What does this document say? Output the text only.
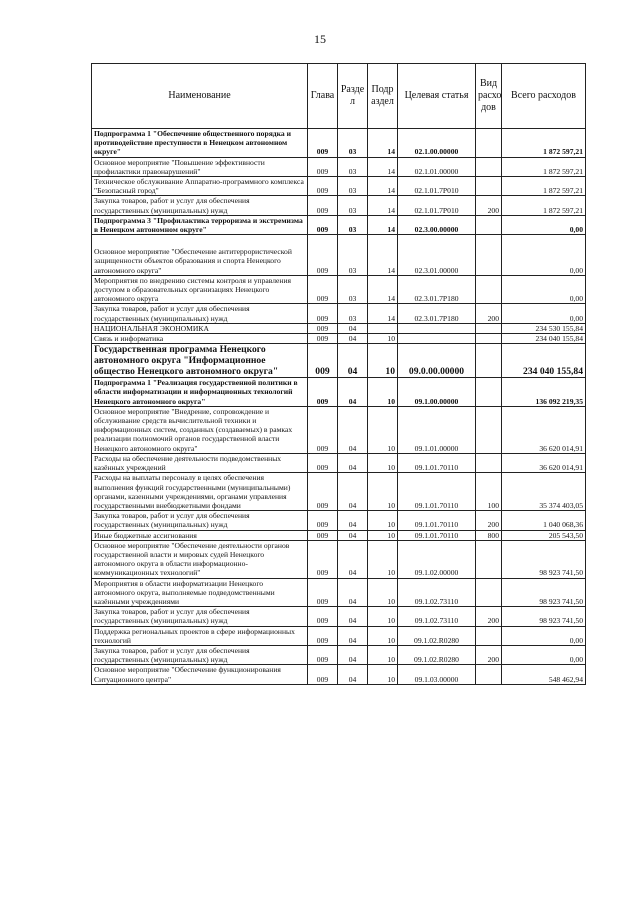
15
Наименование	Глава	Разде л	Подр аздел	Целевая статья	Вид расхо дов	Всего расходов
Подпрограмма 1 "Обеспечение общественного порядка и противодействие преступности в Ненецком автономном округе"	009	03	14	02.1.00.00000		1 872 597,21
Основное мероприятие "Повышение эффективности профилактики правонарушений"	009	03	14	02.1.01.00000		1 872 597,21
Техническое обслуживание Аппаратно-программного комплекса "Безопасный город"	009	03	14	02.1.01.7Р010		1 872 597,21
Закупка товаров, работ и услуг для обеспечения государственных (муниципальных) нужд	009	03	14	02.1.01.7Р010	200	1 872 597,21
Подпрограмма 3 "Профилактика терроризма и экстремизма в Ненецком автономном округе"	009	03	14	02.3.00.00000		0,00
Основное мероприятие "Обеспечение антитеррористической защищенности объектов образования и спорта Ненецкого автономного округа"	009	03	14	02.3.01.00000		0,00
Мероприятия по внедрению системы контроля и управления доступом в образовательных организациях Ненецкого автономного округа	009	03	14	02.3.01.7Р180		0,00
Закупка товаров, работ и услуг для обеспечения государственных (муниципальных) нужд	009	03	14	02.3.01.7Р180	200	0,00
НАЦИОНАЛЬНАЯ ЭКОНОМИКА	009	04				234 530 155,84
Связь и информатика	009	04	10			234 040 155,84
Государственная программа Ненецкого автономного округа "Информационное общество Ненецкого автономного округа"	009	04	10	09.0.00.00000		234 040 155,84
Подпрограмма 1 "Реализация государственной политики в области информатизации и информационных технологий Ненецкого автономного округа"	009	04	10	09.1.00.00000		136 092 219,35
Основное мероприятие "Внедрение, сопровождение и обслуживание средств вычислительной техники и информационных систем, созданных (создаваемых) в рамках реализации полномочий органов государственной власти Ненецкого автономного округа"	009	04	10	09.1.01.00000		36 620 014,91
Расходы на обеспечение деятельности подведомственных казённых учреждений	009	04	10	09.1.01.70110		36 620 014,91
Расходы на выплаты персоналу в целях обеспечения выполнения функций государственными (муниципальными) органами, казенными учреждениями, органами управления государственными внебюджетными фондами	009	04	10	09.1.01.70110	100	35 374 403,05
Закупка товаров, работ и услуг для обеспечения государственных (муниципальных) нужд	009	04	10	09.1.01.70110	200	1 040 068,36
Иные бюджетные ассигнования	009	04	10	09.1.01.70110	800	205 543,50
Основное мероприятие "Обеспечение деятельности органов государственной власти и мировых судей Ненецкого автономного округа в области информационно-коммуникационных технологий"	009	04	10	09.1.02.00000		98 923 741,50
Мероприятия в области информатизации Ненецкого автономного округа, выполняемые подведомственными казёнными учреждениями	009	04	10	09.1.02.73110		98 923 741,50
Закупка товаров, работ и услуг для обеспечения государственных (муниципальных) нужд	009	04	10	09.1.02.73110	200	98 923 741,50
Поддержка региональных проектов в сфере информационных технологий	009	04	10	09.1.02.R0280		0,00
Закупка товаров, работ и услуг для обеспечения государственных (муниципальных) нужд	009	04	10	09.1.02.R0280	200	0,00
Основное мероприятие "Обеспечение функционирования Ситуационного центра"	009	04	10	09.1.03.00000		548 462,94
